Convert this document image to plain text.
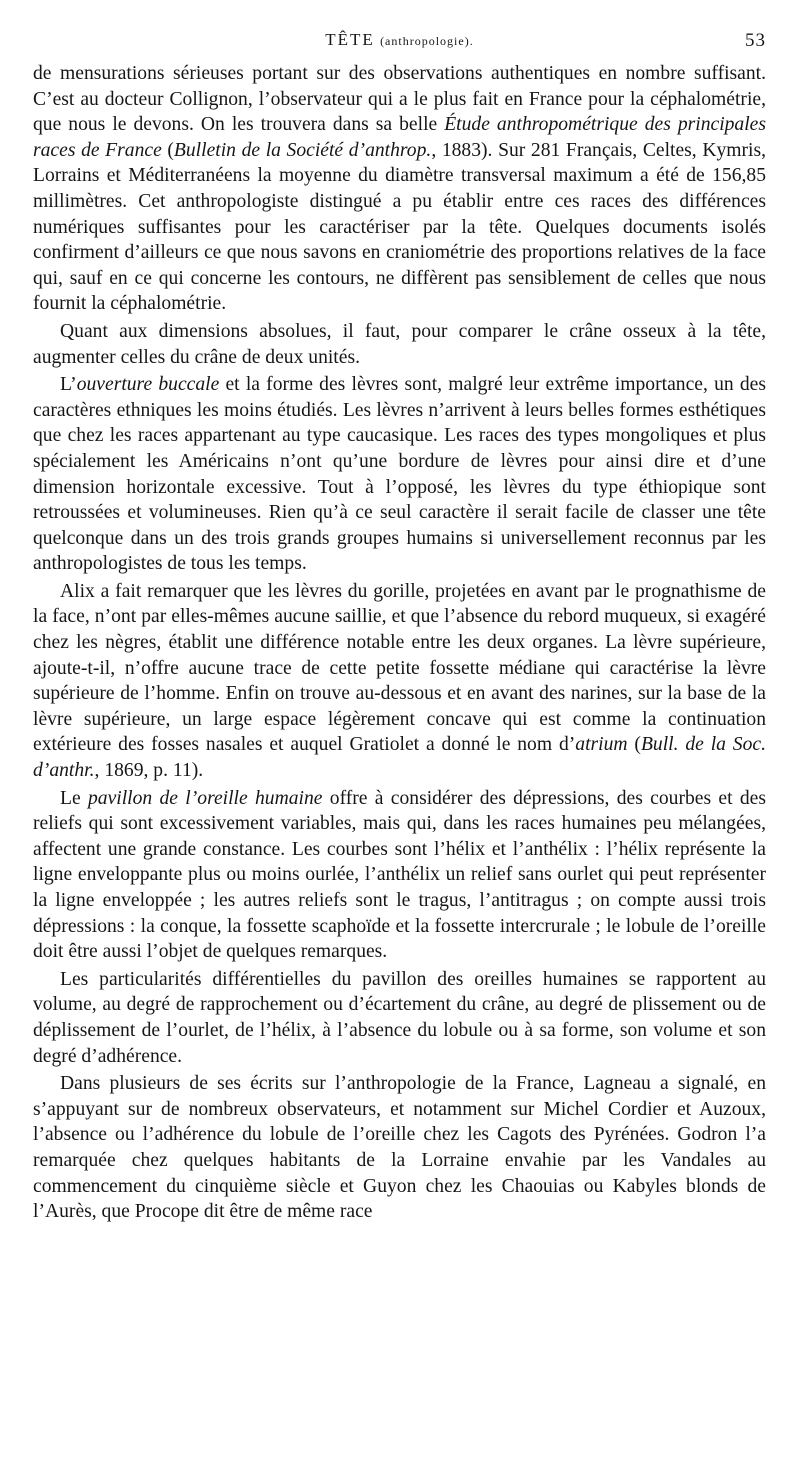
TÊTE (anthropologie).	53

de mensurations sérieuses portant sur des observations authentiques en nombre suffisant. C’est au docteur Collignon, l’observateur qui a le plus fait en France pour la céphalométrie, que nous le devons. On les trouvera dans sa belle Étude anthropométrique des principales races de France (Bulletin de la Société d’anthrop., 1883). Sur 281 Français, Celtes, Kymris, Lorrains et Méditerranéens la moyenne du diamètre transversal maximum a été de 156,85 millimètres. Cet anthropologiste distingué a pu établir entre ces races des différences numériques suffisantes pour les caractériser par la tête. Quelques documents isolés confirment d’ailleurs ce que nous savons en craniométrie des proportions relatives de la face qui, sauf en ce qui concerne les contours, ne diffèrent pas sensiblement de celles que nous fournit la céphalométrie.

Quant aux dimensions absolues, il faut, pour comparer le crâne osseux à la tête, augmenter celles du crâne de deux unités.

L’ouverture buccale et la forme des lèvres sont, malgré leur extrême importance, un des caractères ethniques les moins étudiés. Les lèvres n’arrivent à leurs belles formes esthétiques que chez les races appartenant au type caucasique. Les races des types mongoliques et plus spécialement les Américains n’ont qu’une bordure de lèvres pour ainsi dire et d’une dimension horizontale excessive. Tout à l’opposé, les lèvres du type éthiopique sont retroussées et volumineuses. Rien qu’à ce seul caractère il serait facile de classer une tête quelconque dans un des trois grands groupes humains si universellement reconnus par les anthropologistes de tous les temps.

Alix a fait remarquer que les lèvres du gorille, projetées en avant par le prognathisme de la face, n’ont par elles-mêmes aucune saillie, et que l’absence du rebord muqueux, si exagéré chez les nègres, établit une différence notable entre les deux organes. La lèvre supérieure, ajoute-t-il, n’offre aucune trace de cette petite fossette médiane qui caractérise la lèvre supérieure de l’homme. Enfin on trouve au-dessous et en avant des narines, sur la base de la lèvre supérieure, un large espace légèrement concave qui est comme la continuation extérieure des fosses nasales et auquel Gratiolet a donné le nom d’atrium (Bull. de la Soc. d’anthr., 1869, p. 11).

Le pavillon de l’oreille humaine offre à considérer des dépressions, des courbes et des reliefs qui sont excessivement variables, mais qui, dans les races humaines peu mélangées, affectent une grande constance. Les courbes sont l’hélix et l’anthélix : l’hélix représente la ligne enveloppante plus ou moins ourlée, l’anthélix un relief sans ourlet qui peut représenter la ligne enveloppée ; les autres reliefs sont le tragus, l’antitragus ; on compte aussi trois dépressions : la conque, la fossette scaphoïde et la fossette intercrurale ; le lobule de l’oreille doit être aussi l’objet de quelques remarques.

Les particularités différentielles du pavillon des oreilles humaines se rapportent au volume, au degré de rapprochement ou d’écartement du crâne, au degré de plissement ou de déplissement de l’ourlet, de l’hélix, à l’absence du lobule ou à sa forme, son volume et son degré d’adhérence.

Dans plusieurs de ses écrits sur l’anthropologie de la France, Lagneau a signalé, en s’appuyant sur de nombreux observateurs, et notamment sur Michel Cordier et Auzoux, l’absence ou l’adhérence du lobule de l’oreille chez les Cagots des Pyrénées. Godron l’a remarquée chez quelques habitants de la Lorraine envahie par les Vandales au commencement du cinquième siècle et Guyon chez les Chaouias ou Kabyles blonds de l’Aurès, que Procope dit être de même race
